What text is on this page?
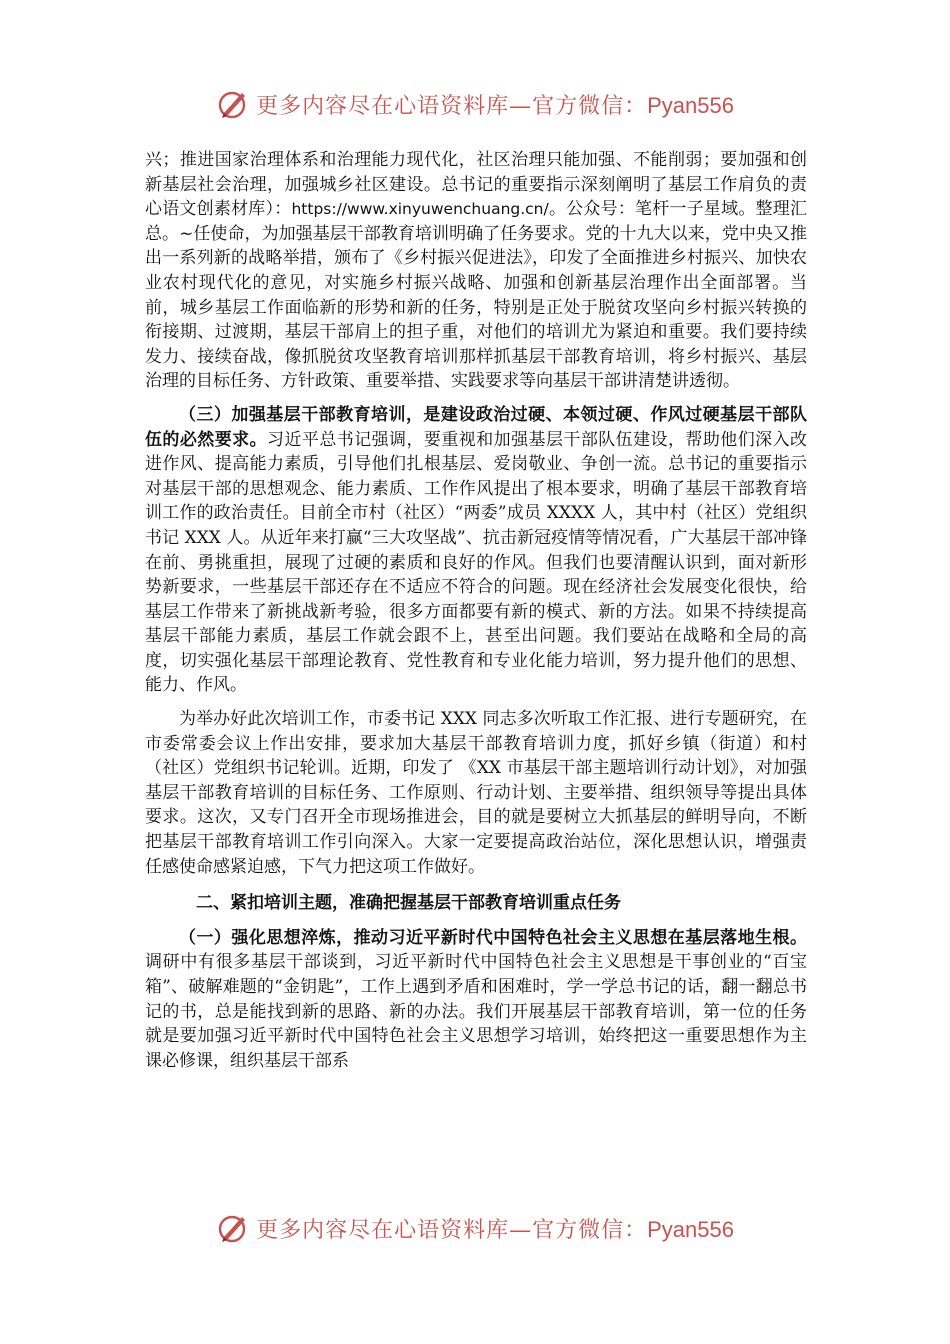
更多内容尽在心语资料库—官方微信：Pyan556

兴；推进国家治理体系和治理能力现代化，社区治理只能加强、不能削弱；要加强和创新基层社会治理，加强城乡社区建设。总书记的重要指示深刻阐明了基层工作肩负的责心语文创素材库）：https://www.xinyuwenchuang.cn/。公众号：笔杆一子星域。整理汇总。~任使命，为加强基层干部教育培训明确了任务要求。党的十九大以来，党中央又推出一系列新的战略举措，颁布了《乡村振兴促进法》，印发了全面推进乡村振兴、加快农业农村现代化的意见，对实施乡村振兴战略、加强和创新基层治理作出全面部署。当前，城乡基层工作面临新的形势和新的任务，特别是正处于脱贫攻坚向乡村振兴转换的衔接期、过渡期，基层干部肩上的担子重，对他们的培训尤为紧迫和重要。我们要持续发力、接续奋战，像抓脱贫攻坚教育培训那样抓基层干部教育培训，将乡村振兴、基层治理的目标任务、方针政策、重要举措、实践要求等向基层干部讲清楚讲透彻。

（三）加强基层干部教育培训，是建设政治过硬、本领过硬、作风过硬基层干部队伍的必然要求。习近平总书记强调，要重视和加强基层干部队伍建设，帮助他们深入改进作风、提高能力素质，引导他们扎根基层、爱岗敬业、争创一流。总书记的重要指示对基层干部的思想观念、能力素质、工作作风提出了根本要求，明确了基层干部教育培训工作的政治责任。目前全市村（社区）“两委”成员 XXXX 人，其中村（社区）党组织书记 XXX 人。从近年来打赢“三大攻坚战”、抗击新冠疫情等情况看，广大基层干部冲锋在前、勇挑重担，展现了过硬的素质和良好的作风。但我们也要清醒认识到，面对新形势新要求，一些基层干部还存在不适应不符合的问题。现在经济社会发展变化很快，给基层工作带来了新挑战新考验，很多方面都要有新的模式、新的方法。如果不持续提高基层干部能力素质，基层工作就会跟不上，甚至出问题。我们要站在战略和全局的高度，切实强化基层干部理论教育、党性教育和专业化能力培训，努力提升他们的思想、能力、作风。

为举办好此次培训工作，市委书记 XXX 同志多次听取工作汇报、进行专题研究，在市委常委会议上作出安排，要求加大基层干部教育培训力度，抓好乡镇（街道）和村（社区）党组织书记轮训。近期，印发了 《XX 市基层干部主题培训行动计划》，对加强基层干部教育培训的目标任务、工作原则、行动计划、主要举措、组织领导等提出具体要求。这次，又专门召开全市现场推进会，目的就是要树立大抓基层的鲜明导向，不断把基层干部教育培训工作引向深入。大家一定要提高政治站位，深化思想认识，增强责任感使命感紧迫感，下气力把这项工作做好。

二、紧扣培训主题，准确把握基层干部教育培训重点任务

（一）强化思想淬炼，推动习近平新时代中国特色社会主义思想在基层落地生根。调研中有很多基层干部谈到，习近平新时代中国特色社会主义思想是干事创业的“百宝箱”、破解难题的“金钥匙”，工作上遇到矛盾和困难时，学一学总书记的话，翻一翻总书记的书，总是能找到新的思路、新的办法。我们开展基层干部教育培训，第一位的任务就是要加强习近平新时代中国特色社会主义思想学习培训，始终把这一重要思想作为主课必修课，组织基层干部系

更多内容尽在心语资料库—官方微信：Pyan556
